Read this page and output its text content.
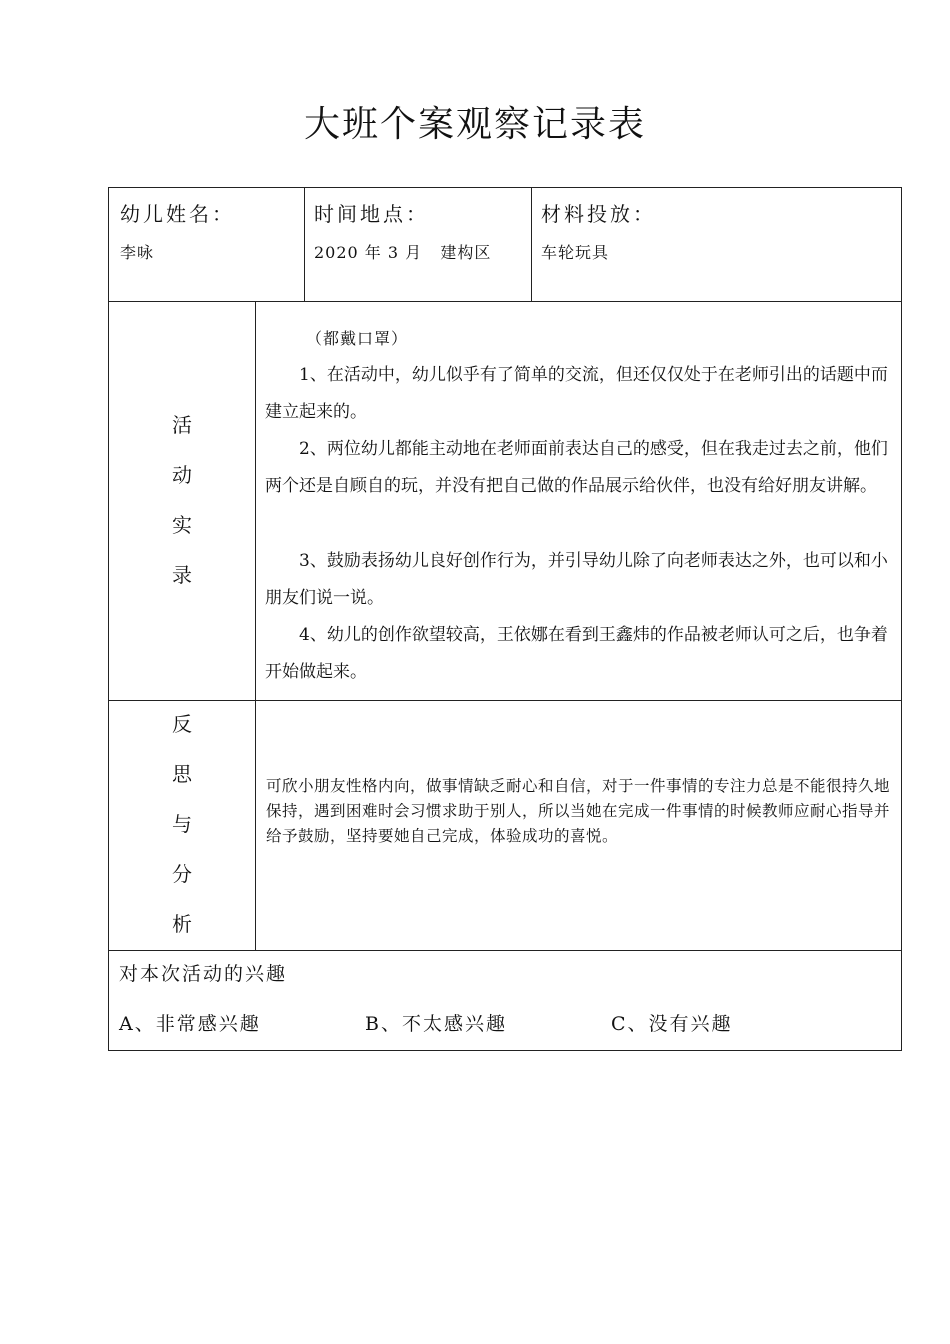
大班个案观察记录表
幼儿姓名：
李咏
时间地点：
2020 年 3 月   建构区
材料投放：
车轮玩具
活
动
实
录
（都戴口罩）
1、在活动中，幼儿似乎有了简单的交流，但还仅仅处于在老师引出的话题中而建立起来的。
2、两位幼儿都能主动地在老师面前表达自己的感受，但在我走过去之前，他们两个还是自顾自的玩，并没有把自己做的作品展示给伙伴，也没有给好朋友讲解。
3、鼓励表扬幼儿良好创作行为，并引导幼儿除了向老师表达之外，也可以和小朋友们说一说。
4、幼儿的创作欲望较高，王依娜在看到王鑫炜的作品被老师认可之后，也争着开始做起来。
反
思
与
分
析
可欣小朋友性格内向，做事情缺乏耐心和自信，对于一件事情的专注力总是不能很持久地保持，遇到困难时会习惯求助于别人，所以当她在完成一件事情的时候教师应耐心指导并给予鼓励，坚持要她自己完成，体验成功的喜悦。
对本次活动的兴趣
A、非常感兴趣	B、不太感兴趣	C、没有兴趣
